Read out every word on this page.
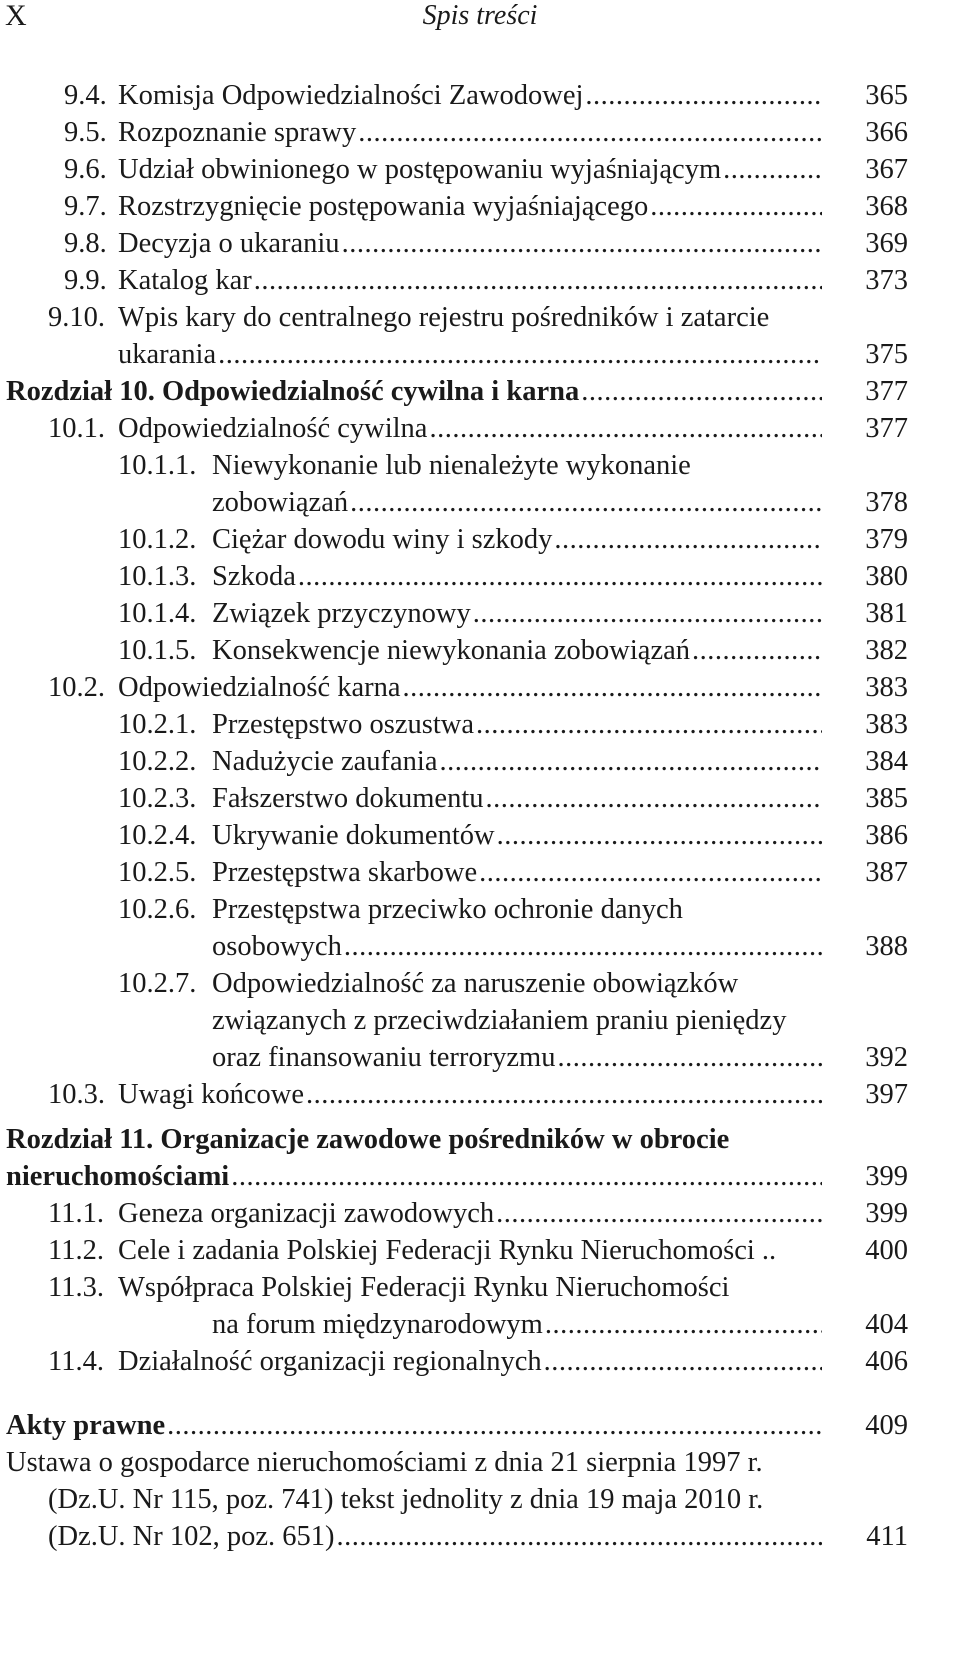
X	Spis treści
9.4. Komisja Odpowiedzialności Zawodowej .....	365
9.5. Rozpoznanie sprawy .....	366
9.6. Udział obwinionego w postępowaniu wyjaśniającym .....	367
9.7. Rozstrzygnięcie postępowania wyjaśniającego .....	368
9.8. Decyzja o ukaraniu .....	369
9.9. Katalog kar .....	373
9.10. Wpis kary do centralnego rejestru pośredników i zatarcie
ukarania .....	375
Rozdział 10. Odpowiedzialność cywilna i karna .....	377
10.1. Odpowiedzialność cywilna .....	377
10.1.1. Niewykonanie lub nienależyte wykonanie
zobowiązań .....	378
10.1.2. Ciężar dowodu winy i szkody .....	379
10.1.3. Szkoda .....	380
10.1.4. Związek przyczynowy .....	381
10.1.5. Konsekwencje niewykonania zobowiązań .....	382
10.2. Odpowiedzialność karna .....	383
10.2.1. Przestępstwo oszustwa .....	383
10.2.2. Nadużycie zaufania .....	384
10.2.3. Fałszerstwo dokumentu .....	385
10.2.4. Ukrywanie dokumentów .....	386
10.2.5. Przestępstwa skarbowe .....	387
10.2.6. Przestępstwa przeciwko ochronie danych
osobowych .....	388
10.2.7. Odpowiedzialność za naruszenie obowiązków
związanych z przeciwdziałaniem praniu pieniędzy
oraz finansowaniu terroryzmu .....	392
10.3. Uwagi końcowe .....	397
Rozdział 11. Organizacje zawodowe pośredników w obrocie
nieruchomościami .....	399
11.1. Geneza organizacji zawodowych .....	399
11.2. Cele i zadania Polskiej Federacji Rynku Nieruchomości ..	400
11.3. Współpraca Polskiej Federacji Rynku Nieruchomości
na forum międzynarodowym .....	404
11.4. Działalność organizacji regionalnych .....	406
Akty prawne .....	409
Ustawa o gospodarce nieruchomościami z dnia 21 sierpnia 1997 r.
(Dz.U. Nr 115, poz. 741) tekst jednolity z dnia 19 maja 2010 r.
(Dz.U. Nr 102, poz. 651) .....	411
